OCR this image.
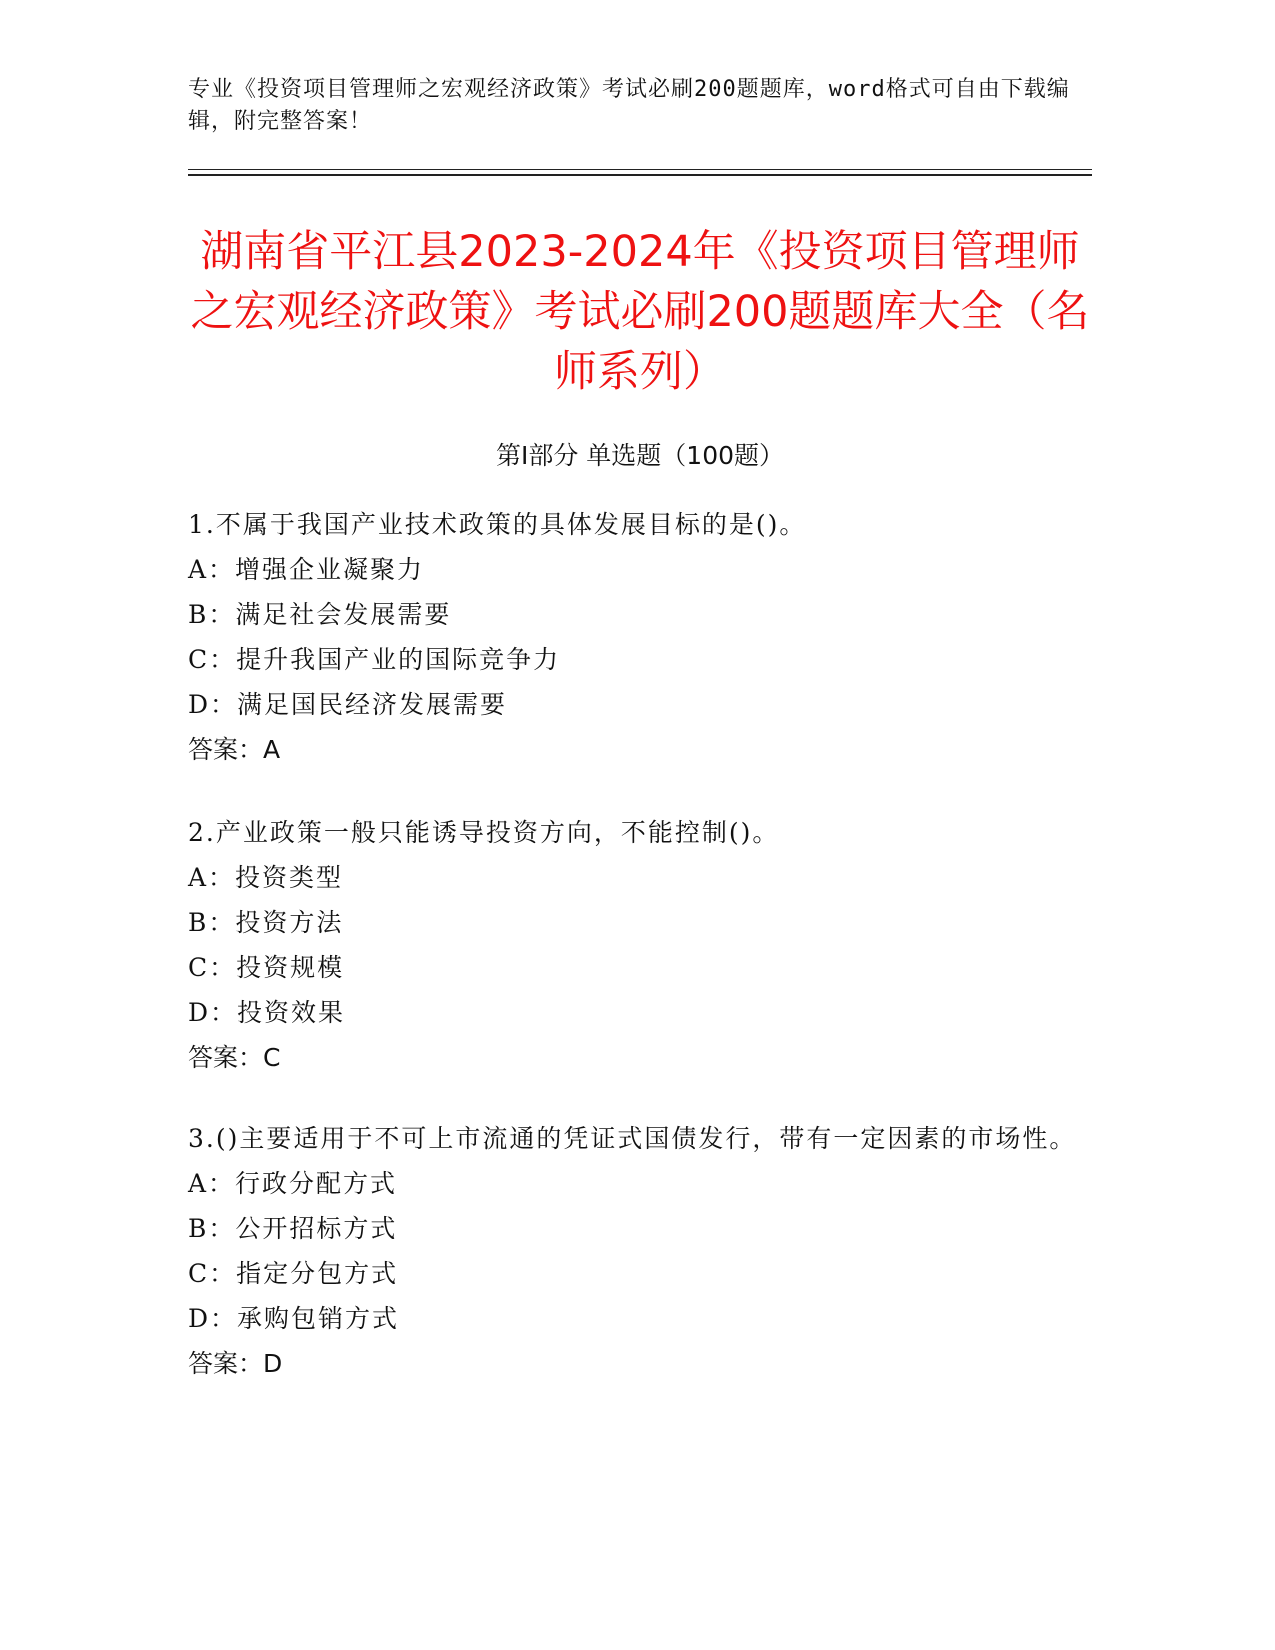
专业《投资项目管理师之宏观经济政策》考试必刷200题题库，word格式可自由下载编辑，附完整答案！
湖南省平江县2023-2024年《投资项目管理师之宏观经济政策》考试必刷200题题库大全（名师系列）
第Ⅰ部分 单选题（100题）
1.不属于我国产业技术政策的具体发展目标的是()。
A：增强企业凝聚力
B：满足社会发展需要
C：提升我国产业的国际竞争力
D：满足国民经济发展需要
答案：A
2.产业政策一般只能诱导投资方向，不能控制()。
A：投资类型
B：投资方法
C：投资规模
D：投资效果
答案：C
3.()主要适用于不可上市流通的凭证式国债发行，带有一定因素的市场性。
A：行政分配方式
B：公开招标方式
C：指定分包方式
D：承购包销方式
答案：D
